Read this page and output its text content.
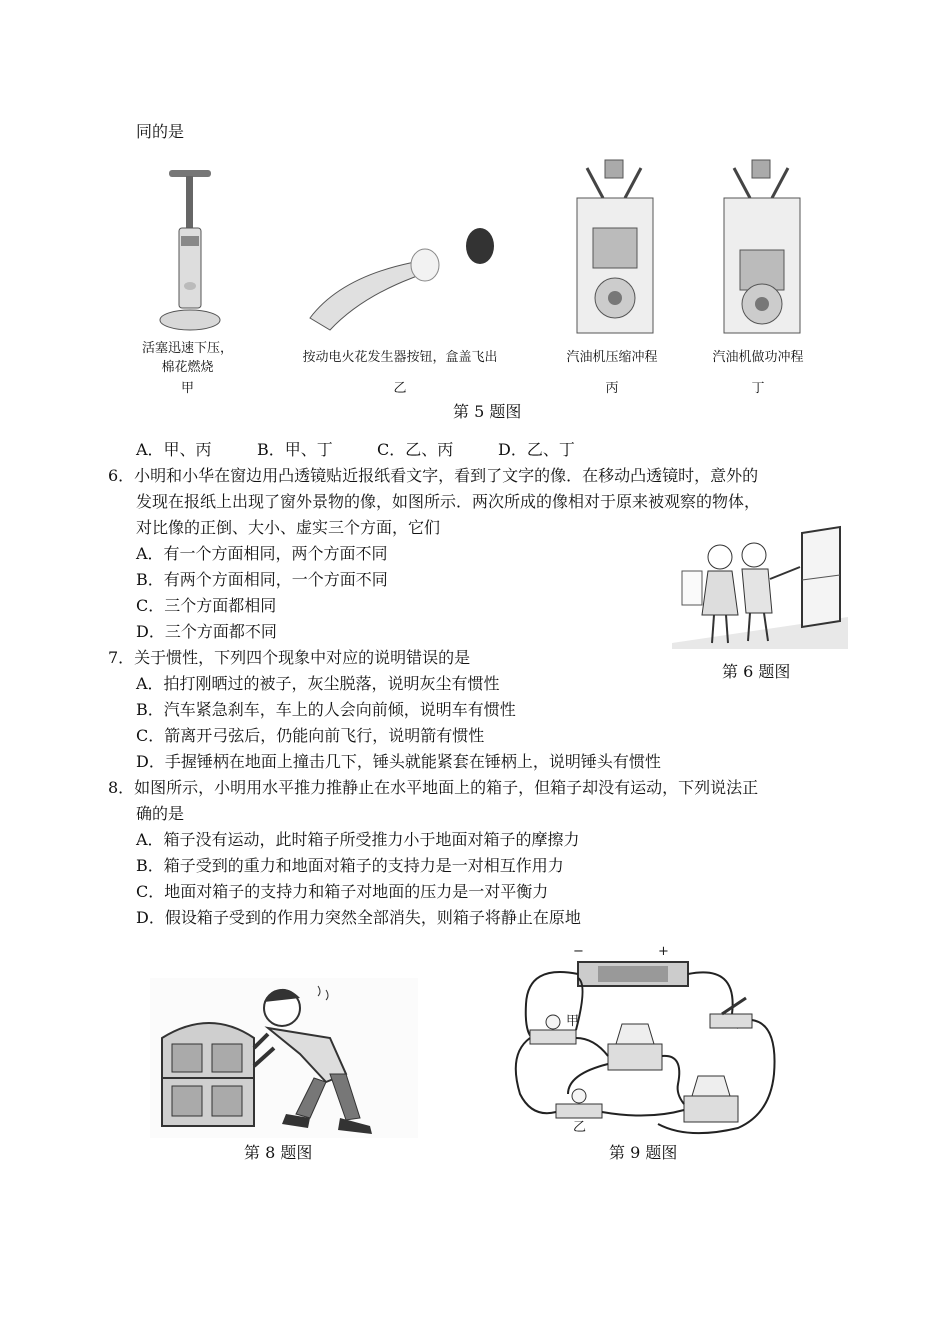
同的是
活塞迅速下压，
棉花燃烧
甲
按动电火花发生器按钮，盒盖飞出
乙
汽油机压缩冲程
丙
汽油机做功冲程
丁
第 5 题图
A．甲、丙	B．甲、丁	C．乙、丙	D．乙、丁
6．小明和小华在窗边用凸透镜贴近报纸看文字，看到了文字的像．在移动凸透镜时，意外的
发现在报纸上出现了窗外景物的像，如图所示．两次所成的像相对于原来被观察的物体，
对比像的正倒、大小、虚实三个方面，它们
A．有一个方面相同，两个方面不同
B．有两个方面相同，一个方面不同
C．三个方面都相同
D．三个方面都不同
第 6 题图
7．关于惯性，下列四个现象中对应的说明错误的是
A．拍打刚晒过的被子，灰尘脱落，说明灰尘有惯性
B．汽车紧急刹车，车上的人会向前倾，说明车有惯性
C．箭离开弓弦后，仍能向前飞行，说明箭有惯性
D．手握锤柄在地面上撞击几下，锤头就能紧套在锤柄上，说明锤头有惯性
8．如图所示，小明用水平推力推静止在水平地面上的箱子，但箱子却没有运动，下列说法正
确的是
A．箱子没有运动，此时箱子所受推力小于地面对箱子的摩擦力
B．箱子受到的重力和地面对箱子的支持力是一对相互作用力
C．地面对箱子的支持力和箱子对地面的压力是一对平衡力
D．假设箱子受到的作用力突然全部消失，则箱子将静止在原地
第 8 题图
−	+
甲
乙
第 9 题图
